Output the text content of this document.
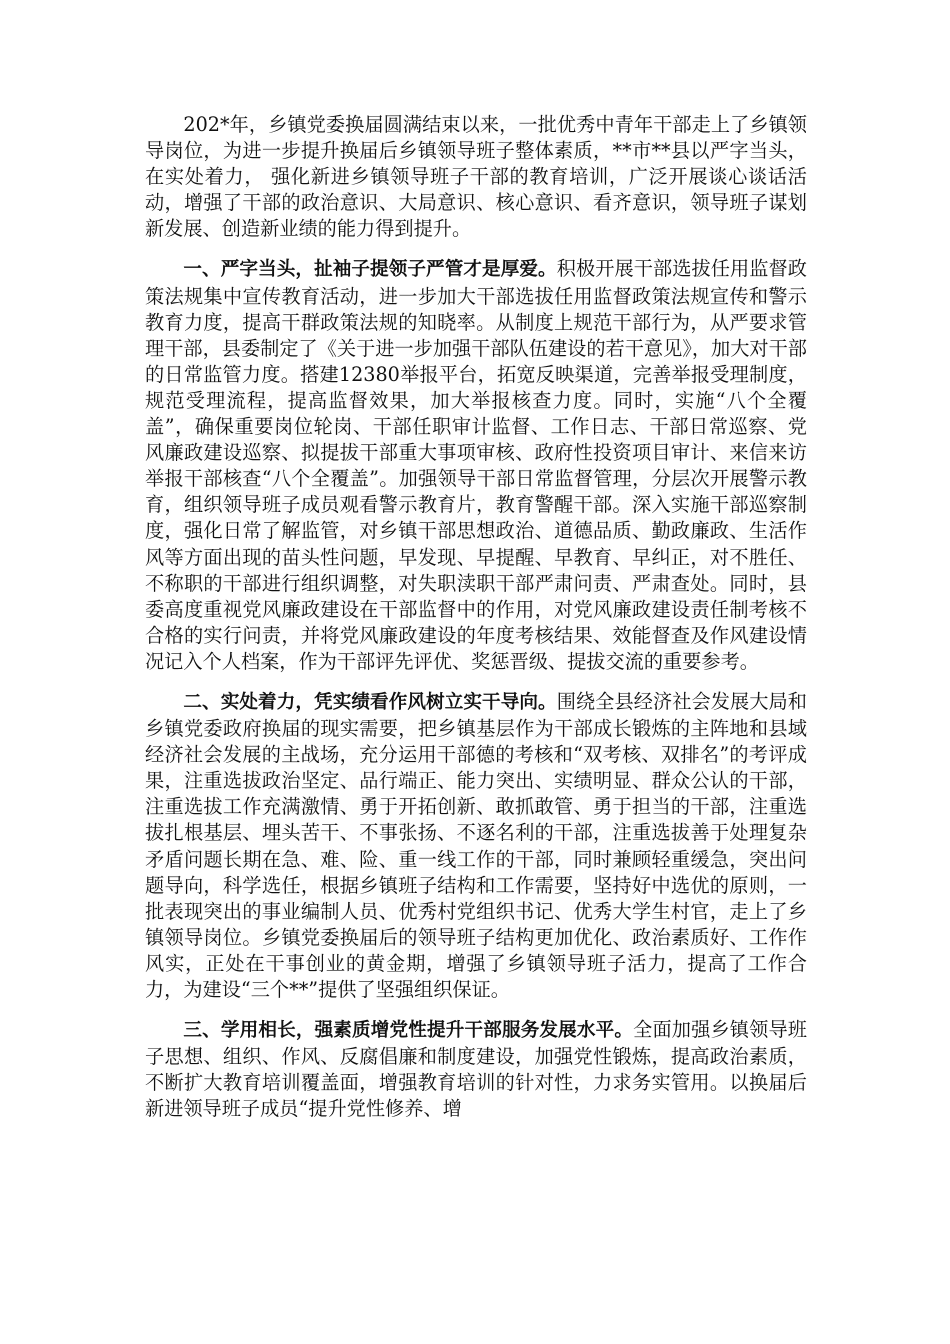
202*年，乡镇党委换届圆满结束以来，一批优秀中青年干部走上了乡镇领导岗位，为进一步提升换届后乡镇领导班子整体素质，**市**县以严字当头，在实处着力， 强化新进乡镇领导班子干部的教育培训，广泛开展谈心谈话活动，增强了干部的政治意识、大局意识、核心意识、看齐意识，领导班子谋划新发展、创造新业绩的能力得到提升。

一、严字当头，扯袖子提领子严管才是厚爱。积极开展干部选拔任用监督政策法规集中宣传教育活动，进一步加大干部选拔任用监督政策法规宣传和警示教育力度，提高干群政策法规的知晓率。从制度上规范干部行为，从严要求管理干部，县委制定了《关于进一步加强干部队伍建设的若干意见》，加大对干部的日常监管力度。搭建12380举报平台，拓宽反映渠道，完善举报受理制度，规范受理流程，提高监督效果，加大举报核查力度。同时，实施“八个全覆盖”，确保重要岗位轮岗、干部任职审计监督、工作日志、干部日常巡察、党风廉政建设巡察、拟提拔干部重大事项审核、政府性投资项目审计、来信来访举报干部核查“八个全覆盖”。加强领导干部日常监督管理，分层次开展警示教育，组织领导班子成员观看警示教育片，教育警醒干部。深入实施干部巡察制度，强化日常了解监管，对乡镇干部思想政治、道德品质、勤政廉政、生活作风等方面出现的苗头性问题，早发现、早提醒、早教育、早纠正，对不胜任、不称职的干部进行组织调整，对失职渎职干部严肃问责、严肃查处。同时，县委高度重视党风廉政建设在干部监督中的作用，对党风廉政建设责任制考核不合格的实行问责，并将党风廉政建设的年度考核结果、效能督查及作风建设情况记入个人档案，作为干部评先评优、奖惩晋级、提拔交流的重要参考。

二、实处着力，凭实绩看作风树立实干导向。围绕全县经济社会发展大局和乡镇党委政府换届的现实需要，把乡镇基层作为干部成长锻炼的主阵地和县域经济社会发展的主战场，充分运用干部德的考核和“双考核、双排名”的考评成果，注重选拔政治坚定、品行端正、能力突出、实绩明显、群众公认的干部，注重选拔工作充满激情、勇于开拓创新、敢抓敢管、勇于担当的干部，注重选拔扎根基层、埋头苦干、不事张扬、不逐名利的干部，注重选拔善于处理复杂矛盾问题长期在急、难、险、重一线工作的干部，同时兼顾轻重缓急，突出问题导向，科学选任，根据乡镇班子结构和工作需要，坚持好中选优的原则，一批表现突出的事业编制人员、优秀村党组织书记、优秀大学生村官，走上了乡镇领导岗位。乡镇党委换届后的领导班子结构更加优化、政治素质好、工作作风实，正处在干事创业的黄金期，增强了乡镇领导班子活力，提高了工作合力，为建设“三个**”提供了坚强组织保证。

三、学用相长，强素质增党性提升干部服务发展水平。全面加强乡镇领导班子思想、组织、作风、反腐倡廉和制度建设，加强党性锻炼，提高政治素质，不断扩大教育培训覆盖面，增强教育培训的针对性，力求务实管用。以换届后新进领导班子成员“提升党性修养、增
